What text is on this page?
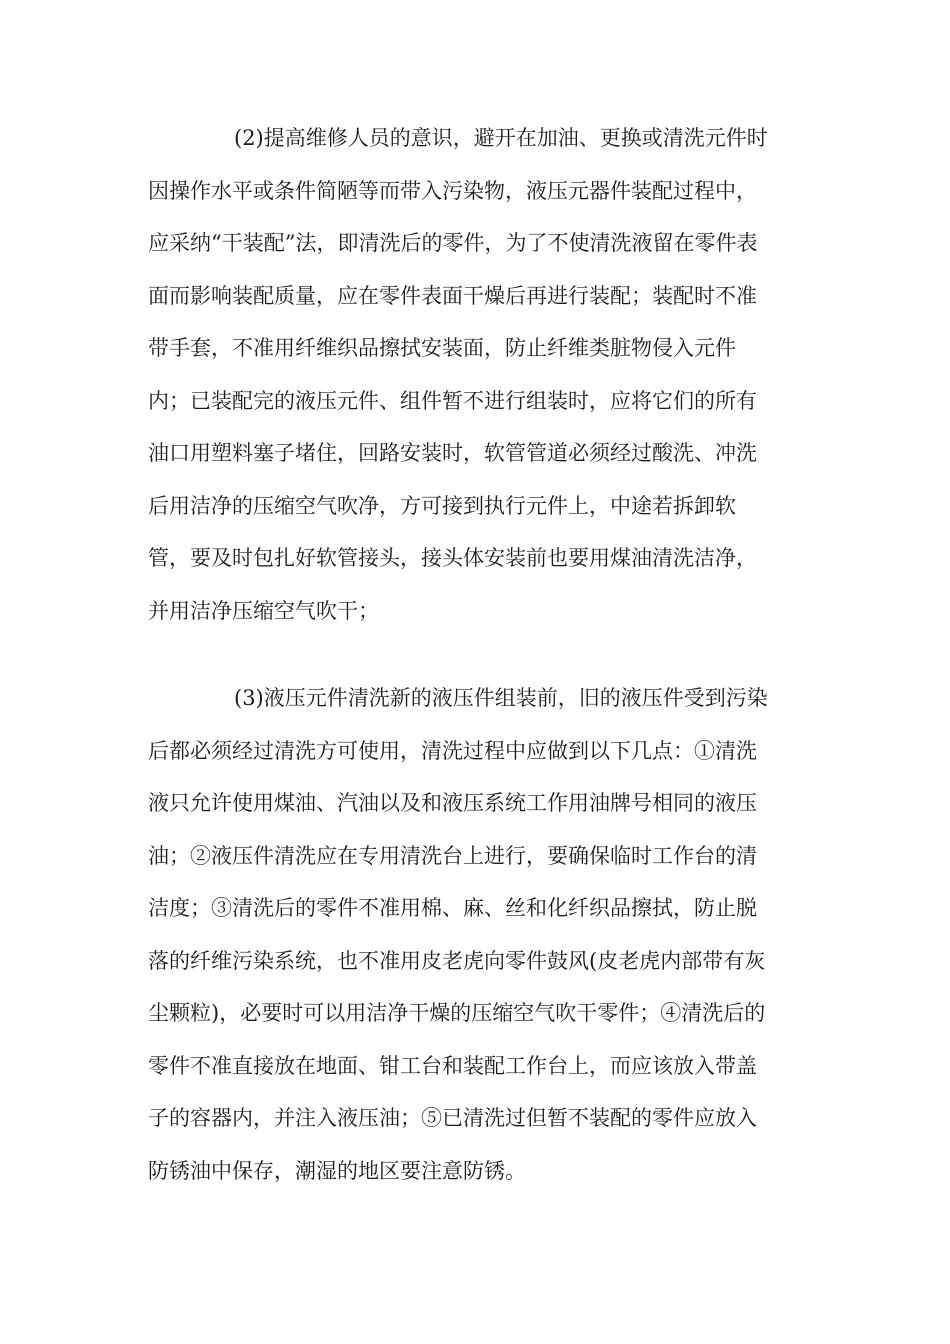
(2)提高维修人员的意识，避开在加油、更换或清洗元件时
因操作水平或条件简陋等而带入污染物，液压元器件装配过程中，
应采纳“干装配”法，即清洗后的零件，为了不使清洗液留在零件表
面而影响装配质量，应在零件表面干燥后再进行装配；装配时不准
带手套，不准用纤维织品擦拭安装面，防止纤维类脏物侵入元件
内；已装配完的液压元件、组件暂不进行组装时，应将它们的所有
油口用塑料塞子堵住，回路安装时，软管管道必须经过酸洗、冲洗
后用洁净的压缩空气吹净，方可接到执行元件上，中途若拆卸软
管，要及时包扎好软管接头，接头体安装前也要用煤油清洗洁净，
并用洁净压缩空气吹干；
(3)液压元件清洗新的液压件组装前，旧的液压件受到污染
后都必须经过清洗方可使用，清洗过程中应做到以下几点：①清洗
液只允许使用煤油、汽油以及和液压系统工作用油牌号相同的液压
油；②液压件清洗应在专用清洗台上进行，要确保临时工作台的清
洁度；③清洗后的零件不准用棉、麻、丝和化纤织品擦拭，防止脱
落的纤维污染系统，也不准用皮老虎向零件鼓风(皮老虎内部带有灰
尘颗粒)，必要时可以用洁净干燥的压缩空气吹干零件；④清洗后的
零件不准直接放在地面、钳工台和装配工作台上，而应该放入带盖
子的容器内，并注入液压油；⑤已清洗过但暂不装配的零件应放入
防锈油中保存，潮湿的地区要注意防锈。
